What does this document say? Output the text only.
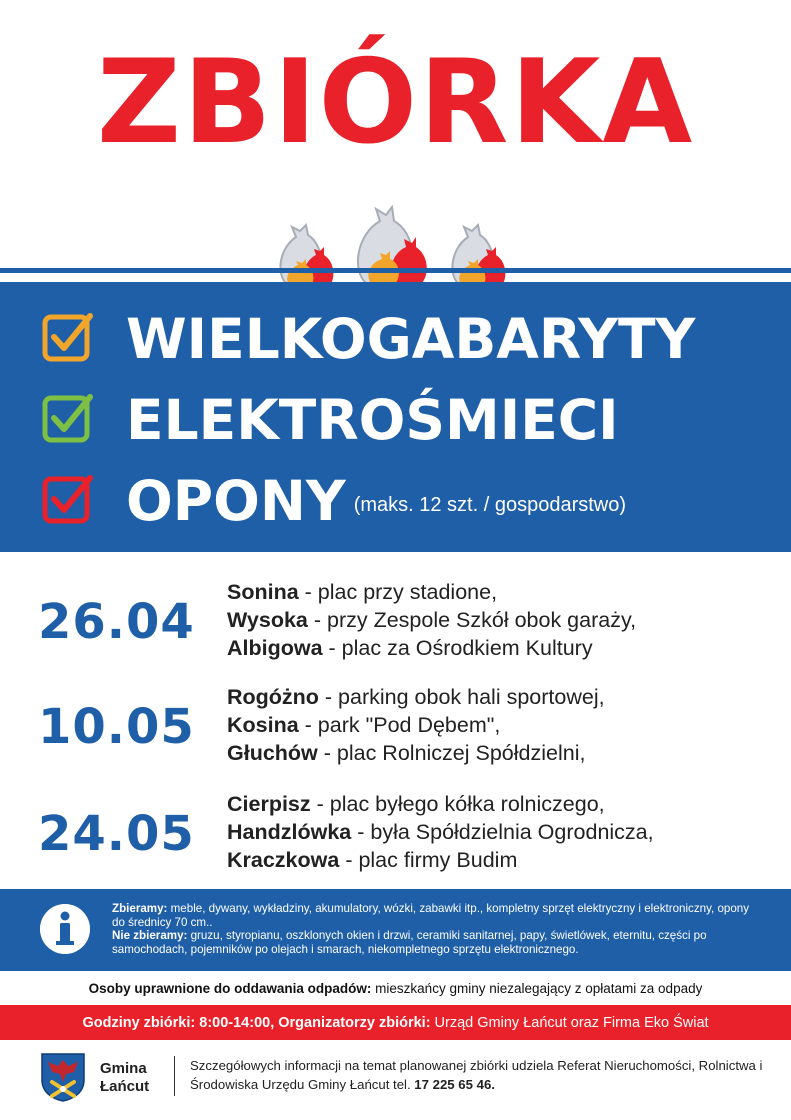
ZBIÓRKA
WIELKOGABARYTY
ELEKTROŚMIECI
OPONY (maks. 12 szt. / gospodarstwo)
26.04
Sonina - plac przy stadione,
Wysoka - przy Zespole Szkół obok garaży,
Albigowa - plac za Ośrodkiem Kultury
10.05
Rogóżno - parking obok hali sportowej,
Kosina - park "Pod Dębem",
Głuchów - plac Rolniczej Spółdzielni,
24.05
Cierpisz - plac byłego kółka rolniczego,
Handzlówka - była Spółdzielnia Ogrodnicza,
Kraczkowa - plac firmy Budim
Zbieramy: meble, dywany, wykładziny, akumulatory, wózki, zabawki itp., kompletny sprzęt elektryczny i elektroniczny, opony do średnicy 70 cm..
Nie zbieramy: gruzu, styropianu, oszklonych okien i drzwi, ceramiki sanitarnej, papy, świetlówek, eternitu, części po samochodach, pojemników po olejach i smarach, niekompletnego sprzętu elektronicznego.
Osoby uprawnione do oddawania odpadów: mieszkańcy gminy niezalegający z opłatami za odpady
Godziny zbiórki: 8:00-14:00, Organizatorzy zbiórki: Urząd Gminy Łańcut oraz Firma Eko Świat
Gmina
Łańcut
Szczegółowych informacji na temat planowanej zbiórki udziela Referat Nieruchomości, Rolnictwa i Środowiska Urzędu Gminy Łańcut tel. 17 225 65 46.
